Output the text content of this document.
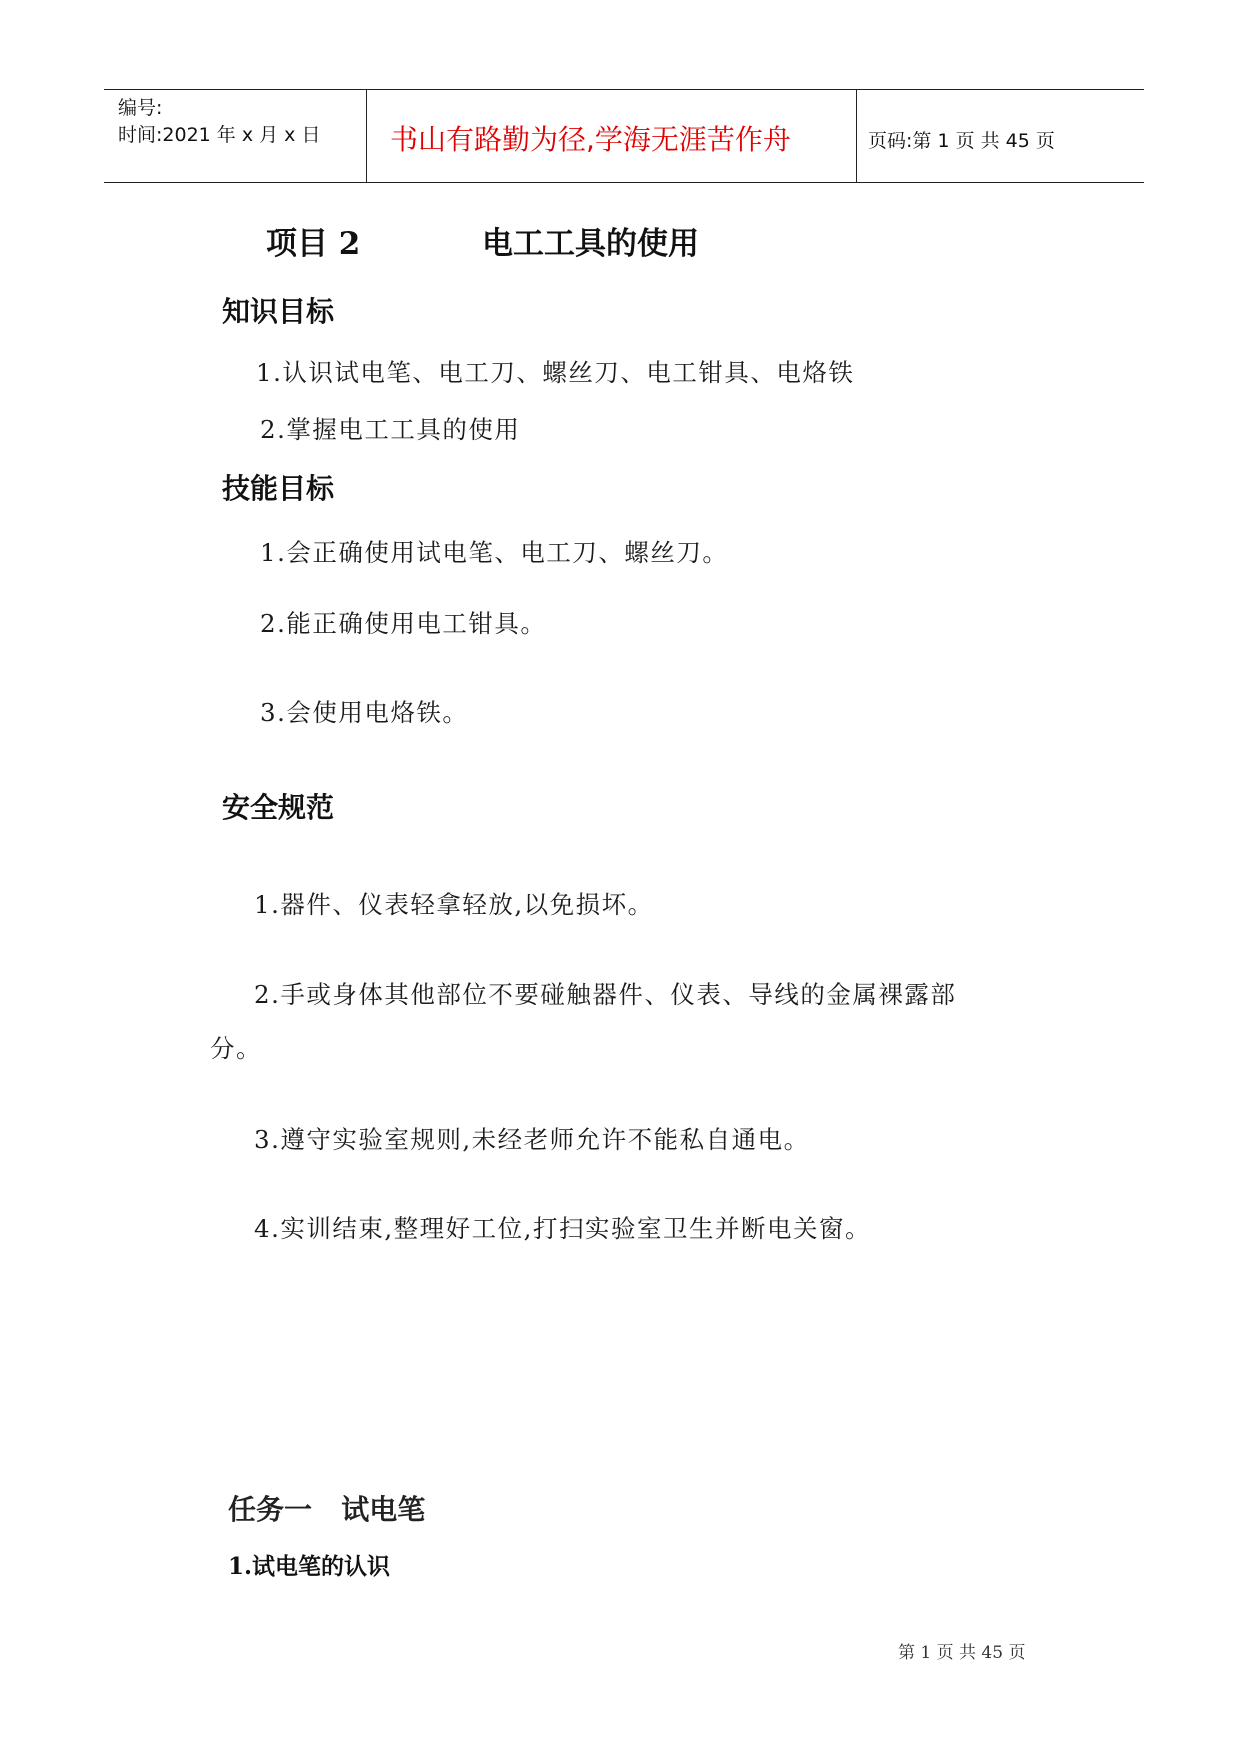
编号:
时间:2021 年 x 月 x 日 书山有路勤为径,学海无涯苦作舟	页码:第 1 页 共 45 页
项目 2	电工工具的使用
知识目标
1.认识试电笔、电工刀、螺丝刀、电工钳具、电烙铁
2.掌握电工工具的使用
技能目标
1.会正确使用试电笔、电工刀、螺丝刀。
2.能正确使用电工钳具。
3.会使用电烙铁。
安全规范
1.器件、仪表轻拿轻放,以免损坏。
2.手或身体其他部位不要碰触器件、仪表、导线的金属裸露部
分。
3.遵守实验室规则,未经老师允许不能私自通电。
4.实训结束,整理好工位,打扫实验室卫生并断电关窗。
任务一   试电笔
1.试电笔的认识
第 1 页 共 45 页
